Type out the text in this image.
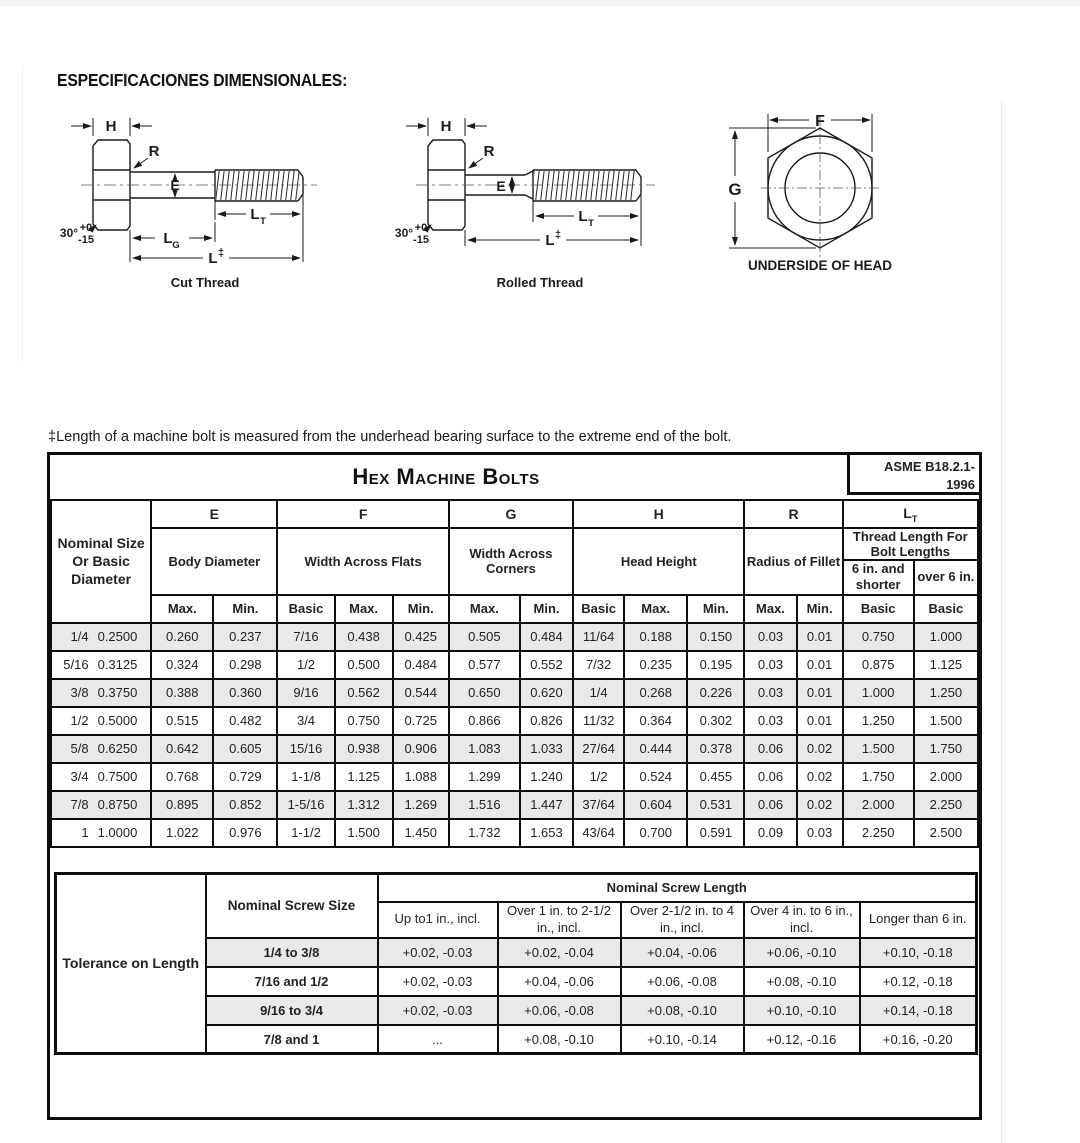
ESPECIFICACIONES DIMENSIONALES:
H
R
E
L T
L G
L ‡
30° +0
-15
Cut Thread
H
R
E
L T
L ‡
30° +0
-15
Rolled Thread
F
G
UNDERSIDE OF HEAD
‡Length of a machine bolt is measured from the underhead bearing surface to the extreme end of the bolt.
Hex Machine Bolts	ASME B18.2.1-
1996
Nominal Size Or Basic Diameter	E		F			G		H			R		$L_T$
	Body Diameter		Width Across Flats			Width Across Corners		Head Height			Radius of Fillet		Thread Length For Bolt Lengths	
													6 in. and shorter	over 6 in.
	Max.	Min.	Basic	Max.	Min.	Max.	Min.	Basic	Max.	Min.	Max.	Min.	Basic	Basic
1/4 0.2500	0.260	0.237	7/16	0.438	0.425	0.505	0.484	11/64	0.188	0.150	0.03	0.01	0.750	1.000
5/16 0.3125	0.324	0.298	1/2	0.500	0.484	0.577	0.552	7/32	0.235	0.195	0.03	0.01	0.875	1.125
3/8 0.3750	0.388	0.360	9/16	0.562	0.544	0.650	0.620	1/4	0.268	0.226	0.03	0.01	1.000	1.250
1/2 0.5000	0.515	0.482	3/4	0.750	0.725	0.866	0.826	11/32	0.364	0.302	0.03	0.01	1.250	1.500
5/8 0.6250	0.642	0.605	15/16	0.938	0.906	1.083	1.033	27/64	0.444	0.378	0.06	0.02	1.500	1.750
3/4 0.7500	0.768	0.729	1-1/8	1.125	1.088	1.299	1.240	1/2	0.524	0.455	0.06	0.02	1.750	2.000
7/8 0.8750	0.895	0.852	1-5/16	1.312	1.269	1.516	1.447	37/64	0.604	0.531	0.06	0.02	2.000	2.250
1 1.0000	1.022	0.976	1-1/2	1.500	1.450	1.732	1.653	43/64	0.700	0.591	0.09	0.03	2.250	2.500
Tolerance on Length	Nominal Screw Size	Nominal Screw Length				
		Up to1 in., incl.	Over 1 in. to 2-1/2 in., incl.	Over 2-1/2 in. to 4 in., incl.	Over 4 in. to 6 in., incl.	Longer than 6 in.
	1/4 to 3/8	+0.02, -0.03	+0.02, -0.04	+0.04, -0.06	+0.06, -0.10	+0.10, -0.18
	7/16 and 1/2	+0.02, -0.03	+0.04, -0.06	+0.06, -0.08	+0.08, -0.10	+0.12, -0.18
	9/16 to 3/4	+0.02, -0.03	+0.06, -0.08	+0.08, -0.10	+0.10, -0.10	+0.14, -0.18
	7/8 and 1	...	+0.08, -0.10	+0.10, -0.14	+0.12, -0.16	+0.16, -0.20
